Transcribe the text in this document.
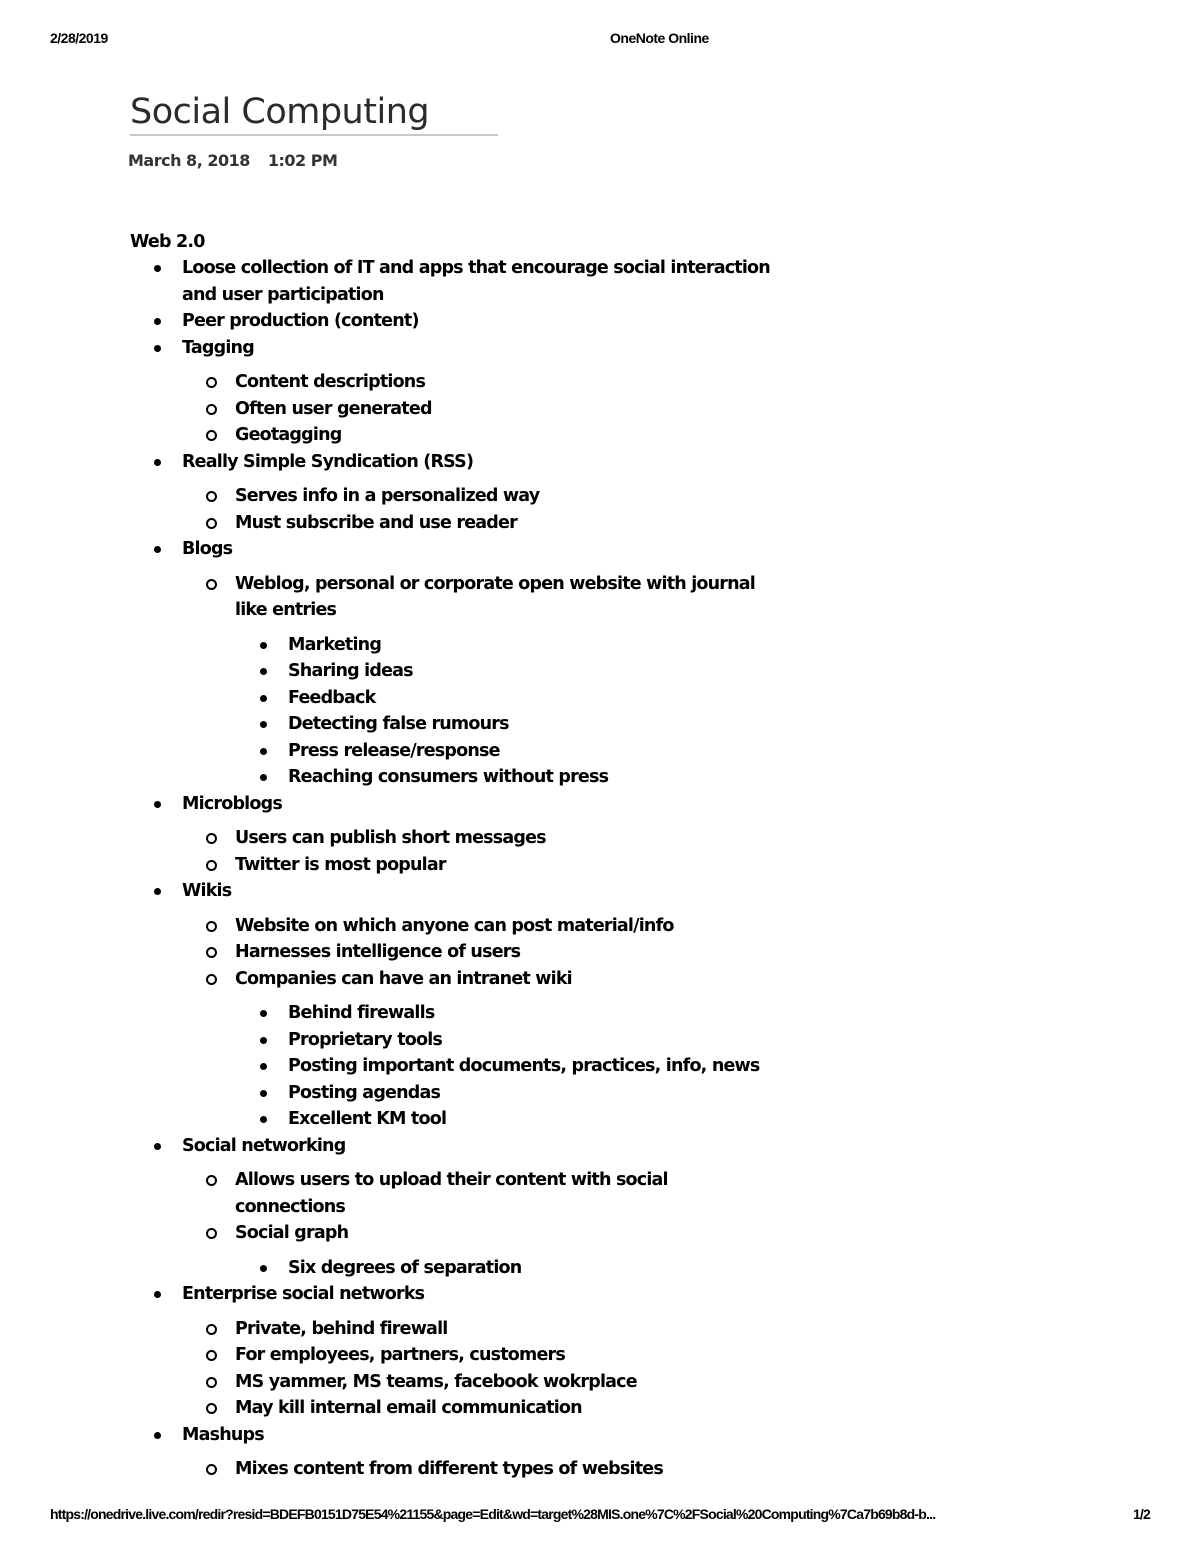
2/28/2019	OneNote Online
Social Computing
March 8, 2018 1:02 PM
Web 2.0
Loose collection of IT and apps that encourage social interaction and user participation
Peer production (content)
Tagging
Content descriptions
Often user generated
Geotagging
Really Simple Syndication (RSS)
Serves info in a personalized way
Must subscribe and use reader
Blogs
Weblog, personal or corporate open website with journal like entries
Marketing
Sharing ideas
Feedback
Detecting false rumours
Press release/response
Reaching consumers without press
Microblogs
Users can publish short messages
Twitter is most popular
Wikis
Website on which anyone can post material/info
Harnesses intelligence of users
Companies can have an intranet wiki
Behind firewalls
Proprietary tools
Posting important documents, practices, info, news
Posting agendas
Excellent KM tool
Social networking
Allows users to upload their content with social connections
Social graph
Six degrees of separation
Enterprise social networks
Private, behind firewall
For employees, partners, customers
MS yammer, MS teams, facebook wokrplace
May kill internal email communication
Mashups
Mixes content from different types of websites
https://onedrive.live.com/redir?resid=BDEFB0151D75E54%21155&page=Edit&wd=target%28MIS.one%7C%2FSocial%20Computing%7Ca7b69b8d-b...	1/2
